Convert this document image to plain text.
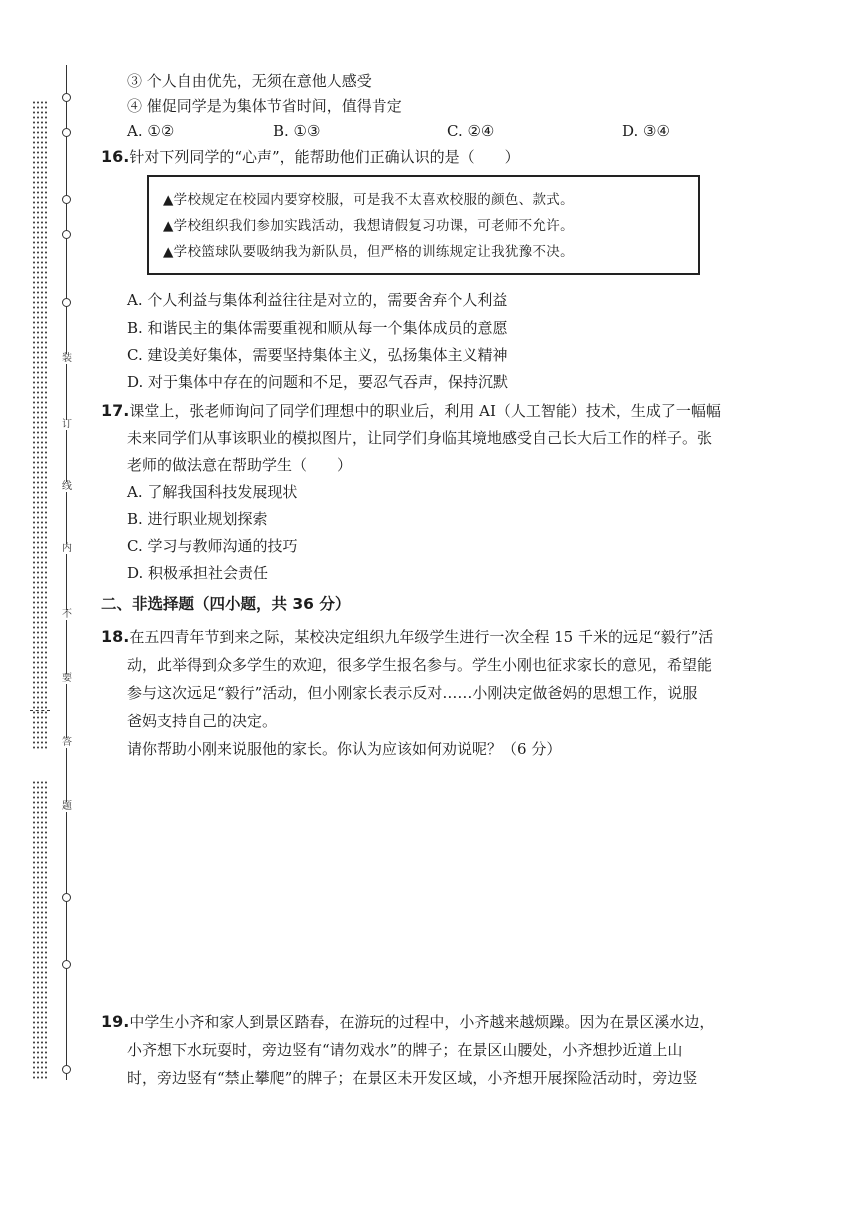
装
订
线
内
不
要
答
题
③ 个人自由优先，无须在意他人感受
④ 催促同学是为集体节省时间，值得肯定
A. ①②	B. ①③	C. ②④	D. ③④
16.针对下列同学的“心声”，能帮助他们正确认识的是（　　）
▲学校规定在校园内要穿校服，可是我不太喜欢校服的颜色、款式。
▲学校组织我们参加实践活动，我想请假复习功课，可老师不允许。
▲学校篮球队要吸纳我为新队员，但严格的训练规定让我犹豫不决。
A. 个人利益与集体利益往往是对立的，需要舍弃个人利益
B. 和谐民主的集体需要重视和顺从每一个集体成员的意愿
C. 建设美好集体，需要坚持集体主义，弘扬集体主义精神
D. 对于集体中存在的问题和不足，要忍气吞声，保持沉默
17.课堂上，张老师询问了同学们理想中的职业后，利用 AI（人工智能）技术，生成了一幅幅
未来同学们从事该职业的模拟图片，让同学们身临其境地感受自己长大后工作的样子。张
老师的做法意在帮助学生（　　）
A. 了解我国科技发展现状
B. 进行职业规划探索
C. 学习与教师沟通的技巧
D. 积极承担社会责任
二、非选择题（四小题，共 36 分）
18.在五四青年节到来之际，某校决定组织九年级学生进行一次全程 15 千米的远足“毅行”活
动，此举得到众多学生的欢迎，很多学生报名参与。学生小刚也征求家长的意见，希望能
参与这次远足“毅行”活动，但小刚家长表示反对……小刚决定做爸妈的思想工作，说服
爸妈支持自己的决定。
请你帮助小刚来说服他的家长。你认为应该如何劝说呢？（6 分）
19.中学生小齐和家人到景区踏春，在游玩的过程中，小齐越来越烦躁。因为在景区溪水边，
小齐想下水玩耍时，旁边竖有“请勿戏水”的牌子；在景区山腰处，小齐想抄近道上山
时，旁边竖有“禁止攀爬”的牌子；在景区未开发区域，小齐想开展探险活动时，旁边竖
